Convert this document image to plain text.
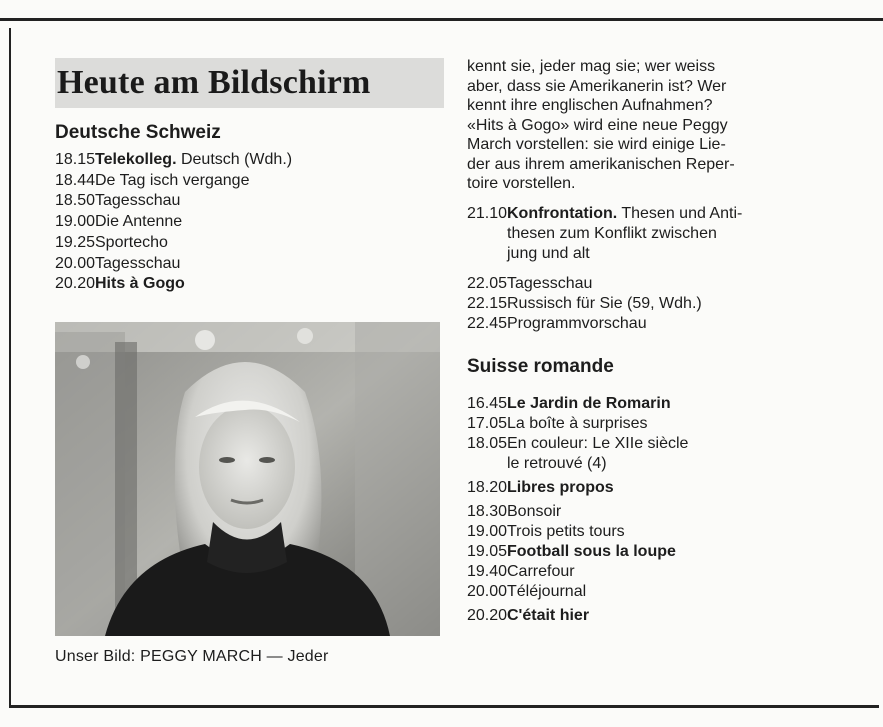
Heute am Bildschirm
Deutsche Schweiz
18.15Telekolleg. Deutsch (Wdh.)
18.44De Tag isch vergange
18.50Tagesschau
19.00Die Antenne
19.25Sportecho
20.00Tagesschau
20.20Hits à Gogo
Unser Bild: PEGGY MARCH — Jeder
kennt sie, jeder mag sie; wer weiss
aber, dass sie Amerikanerin ist? Wer
kennt ihre englischen Aufnahmen?
«Hits à Gogo» wird eine neue Peggy
March vorstellen: sie wird einige Lie-
der aus ihrem amerikanischen Reper-
toire vorstellen.
21.10 Konfrontation. Thesen und Anti-
thesen zum Konflikt zwischen
jung und alt
22.05 Tagesschau
22.15 Russisch für Sie (59, Wdh.)
22.45 Programmvorschau
Suisse romande
16.45 Le Jardin de Romarin
17.05 La boîte à surprises
18.05 En couleur: Le XIIe siècle
le retrouvé (4)
18.20 Libres propos
18.30 Bonsoir
19.00 Trois petits tours
19.05 Football sous la loupe
19.40 Carrefour
20.00 Téléjournal
20.20 C'était hier
